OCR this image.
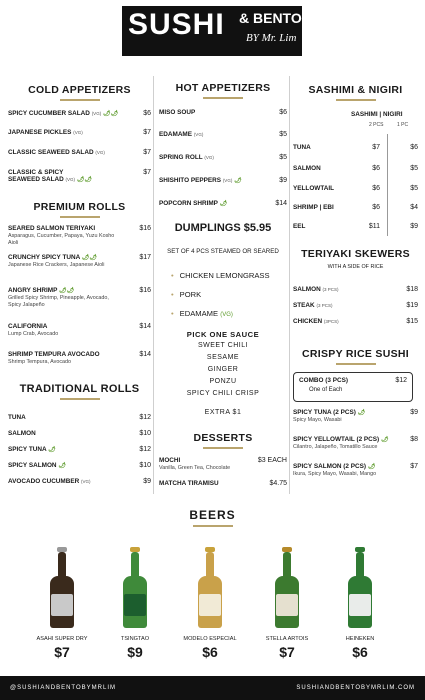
SUSHI & BENTO
BY Mr. Lim
COLD APPETIZERS
SPICY CUCUMBER SALAD (VG) 🌶🌶	$6
JAPANESE PICKLES (VG)	$7
CLASSIC SEAWEED SALAD (VG)	$7
CLASSIC & SPICY
SEAWEED SALAD (VG) 🌶🌶
$7
PREMIUM ROLLS
SEARED SALMON TERIYAKI	$16
Asparagus, Cucumber, Papaya, Yuzu Kosho Aioli
CRUNCHY SPICY TUNA 🌶🌶	$17
Japanese Rice Crackers, Japanese Aioli
ANGRY SHRIMP 🌶🌶	$16
Grilled Spicy Shrimp, Pineapple, Avocado, Spicy Jalapeño
CALIFORNIA	$14
Lump Crab, Avocado
SHRIMP TEMPURA AVOCADO	$14
Shrimp Tempura, Avocado
TRADITIONAL ROLLS
TUNA	$12
SALMON	$10
SPICY TUNA 🌶	$12
SPICY SALMON 🌶	$10
AVOCADO CUCUMBER (VG)	$9
HOT APPETIZERS
MISO SOUP	$6
EDAMAME (VG)	$5
SPRING ROLL (VG)	$5
SHISHITO PEPPERS (VG) 🌶	$9
POPCORN SHRIMP 🌶	$14
DUMPLINGS $5.95
SET OF 4 PCS STEAMED OR SEARED
• CHICKEN LEMONGRASS
• PORK
• EDAMAME (VG)
PICK ONE SAUCE
SWEET CHILI
SESAME
GINGER
PONZU
SPICY CHILI CRISP
EXTRA $1
DESSERTS
MOCHI	$3 EACH
Vanilla, Green Tea, Chocolate
MATCHA TIRAMISU	$4.75
SASHIMI & NIGIRI
SASHIMI | NIGIRI
2 PCS	1 PC
TUNA	$7	$6
SALMON	$6	$5
YELLOWTAIL	$6	$5
SHRIMP | EBI	$6	$4
EEL	$11	$9
TERIYAKI SKEWERS
WITH A SIDE OF RICE
SALMON (3 PCS)	$18
STEAK (3 PCS)	$19
CHICKEN (3PCS)	$15
CRISPY RICE SUSHI
COMBO (3 PCS)	$12
One of Each
SPICY TUNA (2 PCS) 🌶	$9
Spicy Mayo, Wasabi
SPICY YELLOWTAIL (2 PCS) 🌶	$8
Cilantro, Jalapeño, Tomatillo Sauce
SPICY SALMON (2 PCS) 🌶	$7
Ikura, Spicy Mayo, Wasabi, Mango
BEERS
ASAHI SUPER DRY
$7
TSINGTAO
$9
MODELO ESPECIAL
$6
STELLA ARTOIS
$7
HEINEKEN
$6
@SUSHIANDBENTOBYMRLIM	SUSHIANDBENTOBYMRLIM.COM
